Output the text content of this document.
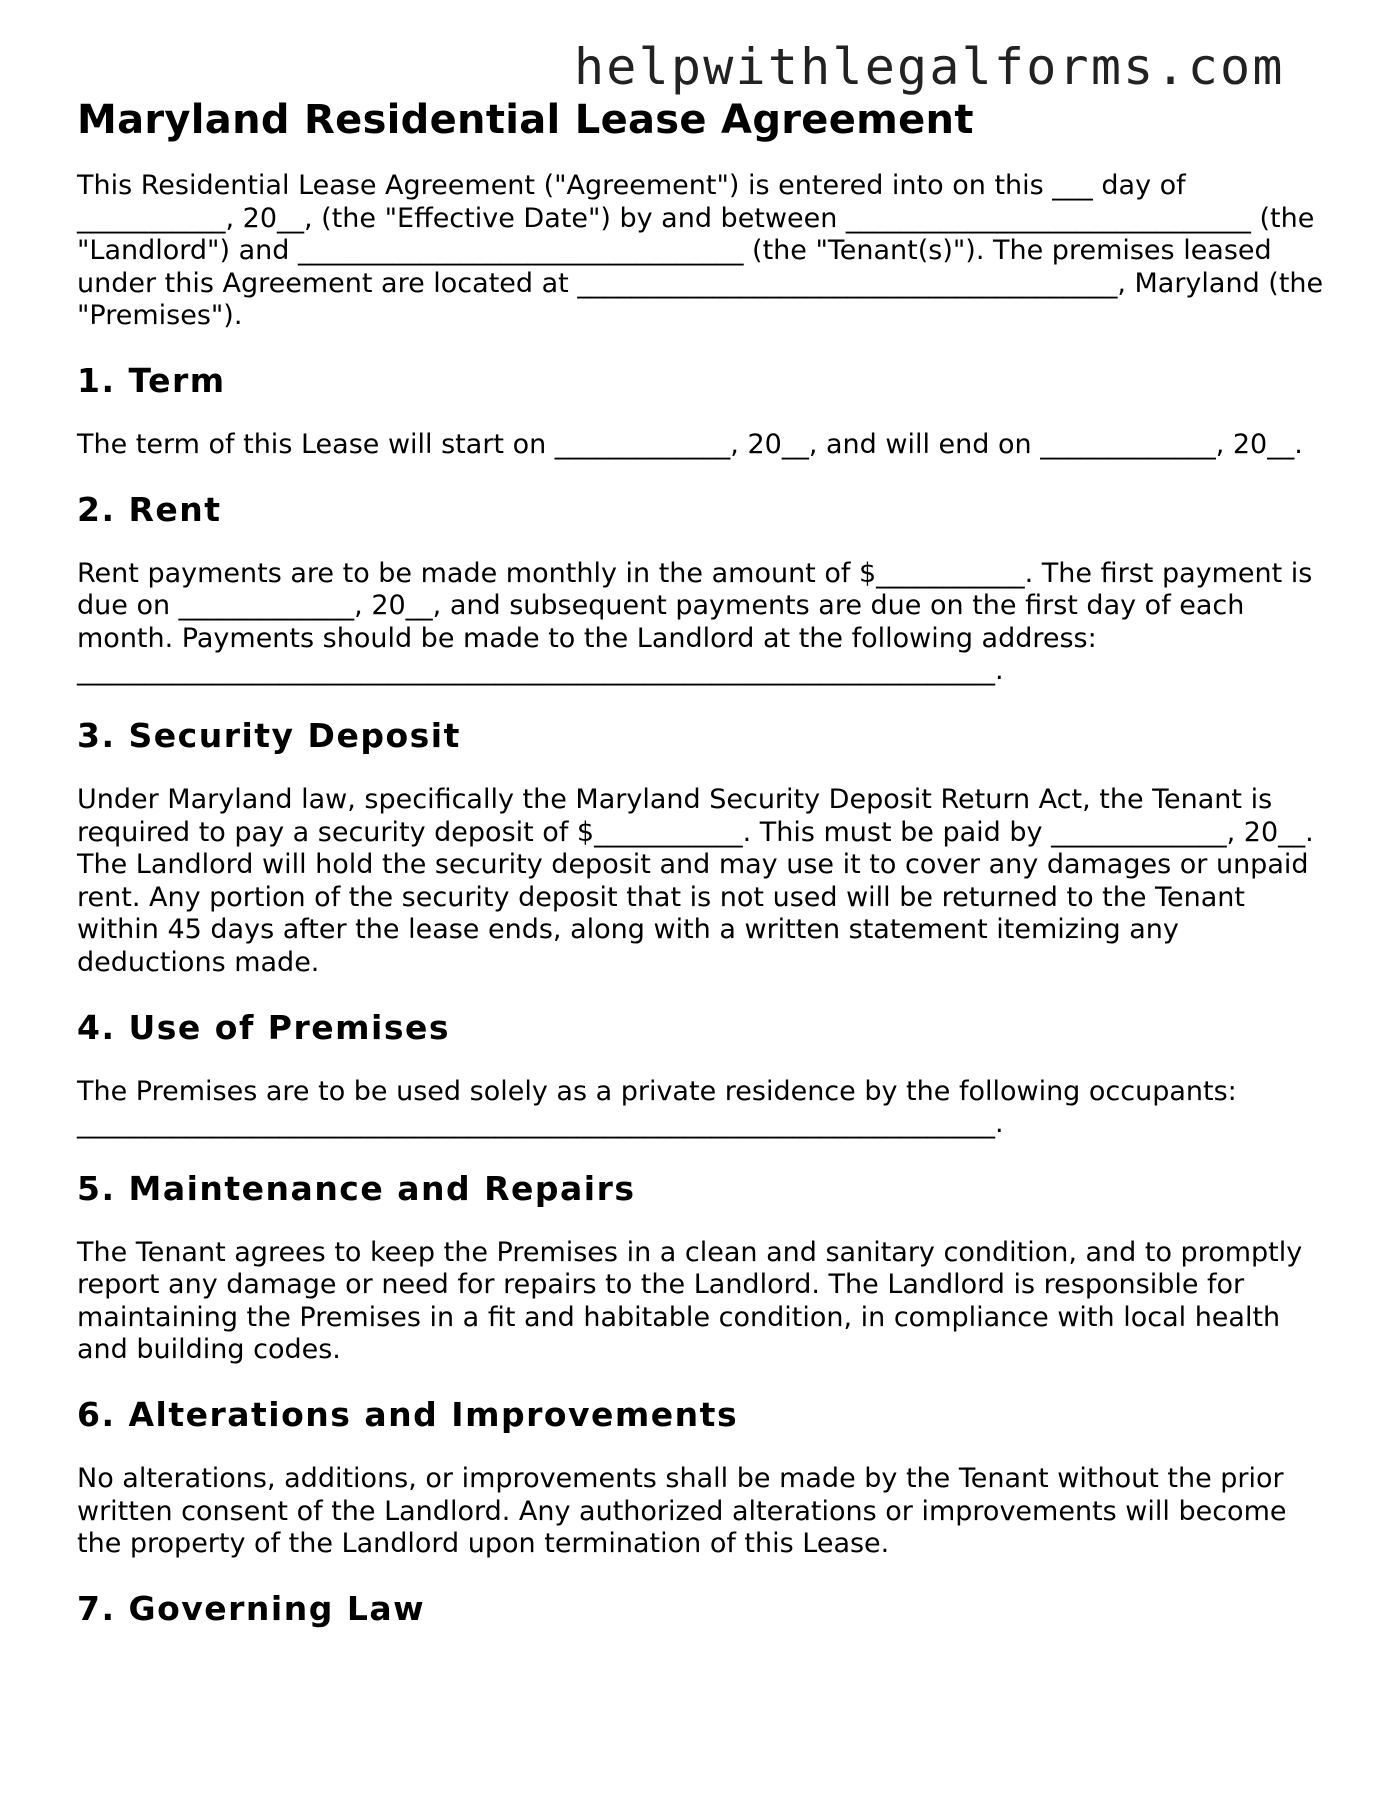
helpwithlegalforms.com
Maryland Residential Lease Agreement

This Residential Lease Agreement ("Agreement") is entered into on this ___ day of ___________, 20__, (the "Effective Date") by and between ______________________________ (the "Landlord") and _________________________________ (the "Tenant(s)"). The premises leased under this Agreement are located at ________________________________________, Maryland (the "Premises").

1. Term

The term of this Lease will start on _____________, 20__, and will end on _____________, 20__.

2. Rent

Rent payments are to be made monthly in the amount of $___________. The first payment is due on _____________, 20__, and subsequent payments are due on the first day of each month. Payments should be made to the Landlord at the following address: ____________________________________________________________________.

3. Security Deposit

Under Maryland law, specifically the Maryland Security Deposit Return Act, the Tenant is required to pay a security deposit of $___________. This must be paid by _____________, 20__. The Landlord will hold the security deposit and may use it to cover any damages or unpaid rent. Any portion of the security deposit that is not used will be returned to the Tenant within 45 days after the lease ends, along with a written statement itemizing any deductions made.

4. Use of Premises

The Premises are to be used solely as a private residence by the following occupants: ____________________________________________________________________.

5. Maintenance and Repairs

The Tenant agrees to keep the Premises in a clean and sanitary condition, and to promptly report any damage or need for repairs to the Landlord. The Landlord is responsible for maintaining the Premises in a fit and habitable condition, in compliance with local health and building codes.

6. Alterations and Improvements

No alterations, additions, or improvements shall be made by the Tenant without the prior written consent of the Landlord. Any authorized alterations or improvements will become the property of the Landlord upon termination of this Lease.

7. Governing Law
